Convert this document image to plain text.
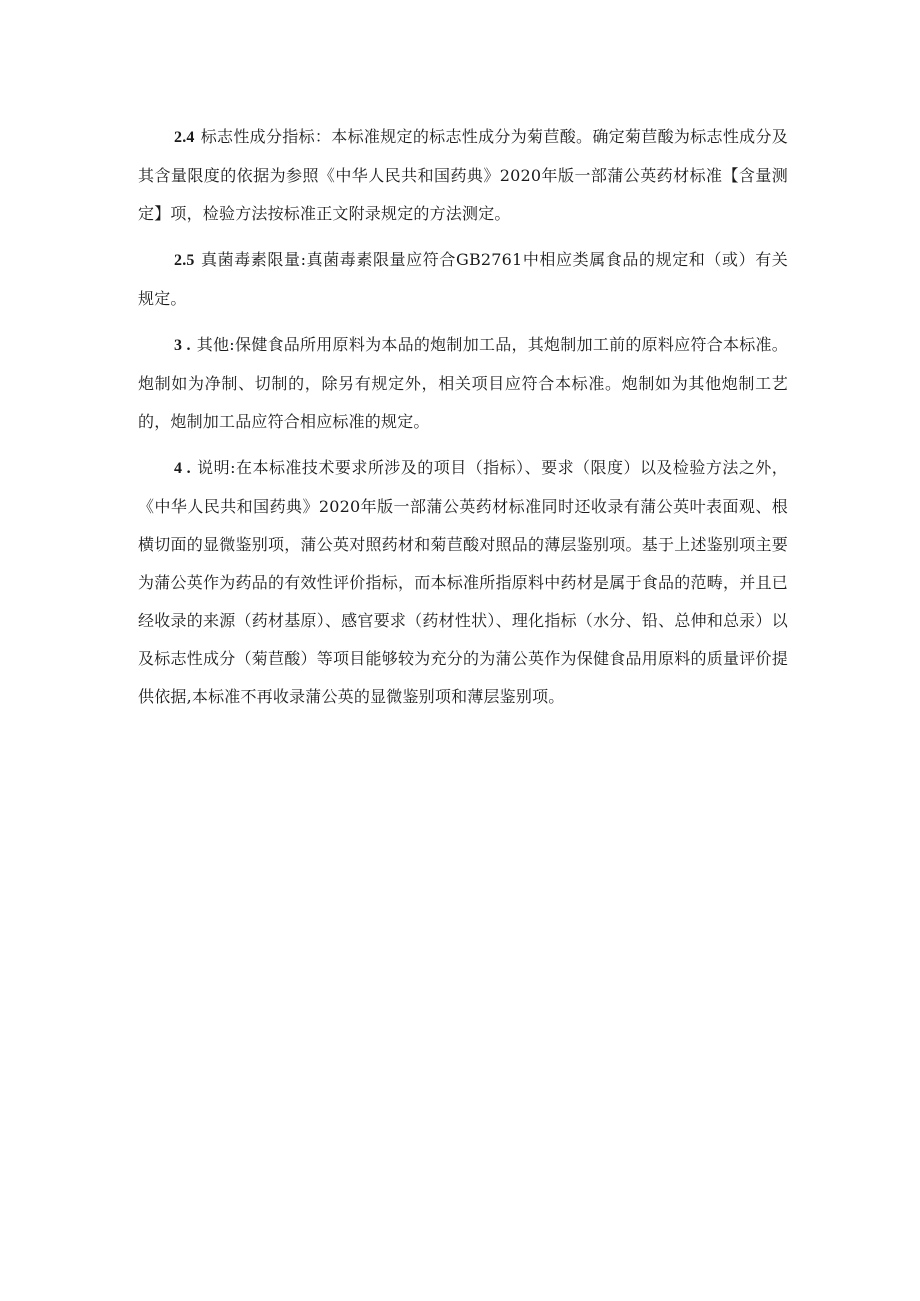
2.4 标志性成分指标：本标准规定的标志性成分为菊苣酸。确定菊苣酸为标志性成分及其含量限度的依据为参照《中华人民共和国药典》2020年版一部蒲公英药材标准【含量测定】项，检验方法按标准正文附录规定的方法测定。

2.5 真菌毒素限量:真菌毒素限量应符合GB2761中相应类属食品的规定和（或）有关规定。

3 . 其他:保健食品所用原料为本品的炮制加工品，其炮制加工前的原料应符合本标准。炮制如为净制、切制的，除另有规定外，相关项目应符合本标准。炮制如为其他炮制工艺的，炮制加工品应符合相应标准的规定。

4 . 说明:在本标准技术要求所涉及的项目（指标）、要求（限度）以及检验方法之外，《中华人民共和国药典》2020年版一部蒲公英药材标准同时还收录有蒲公英叶表面观、根横切面的显微鉴别项，蒲公英对照药材和菊苣酸对照品的薄层鉴别项。基于上述鉴别项主要为蒲公英作为药品的有效性评价指标，而本标准所指原料中药材是属于食品的范畴，并且已经收录的来源（药材基原）、感官要求（药材性状）、理化指标（水分、铅、总伸和总汞）以及标志性成分（菊苣酸）等项目能够较为充分的为蒲公英作为保健食品用原料的质量评价提供依据,本标准不再收录蒲公英的显微鉴别项和薄层鉴别项。
